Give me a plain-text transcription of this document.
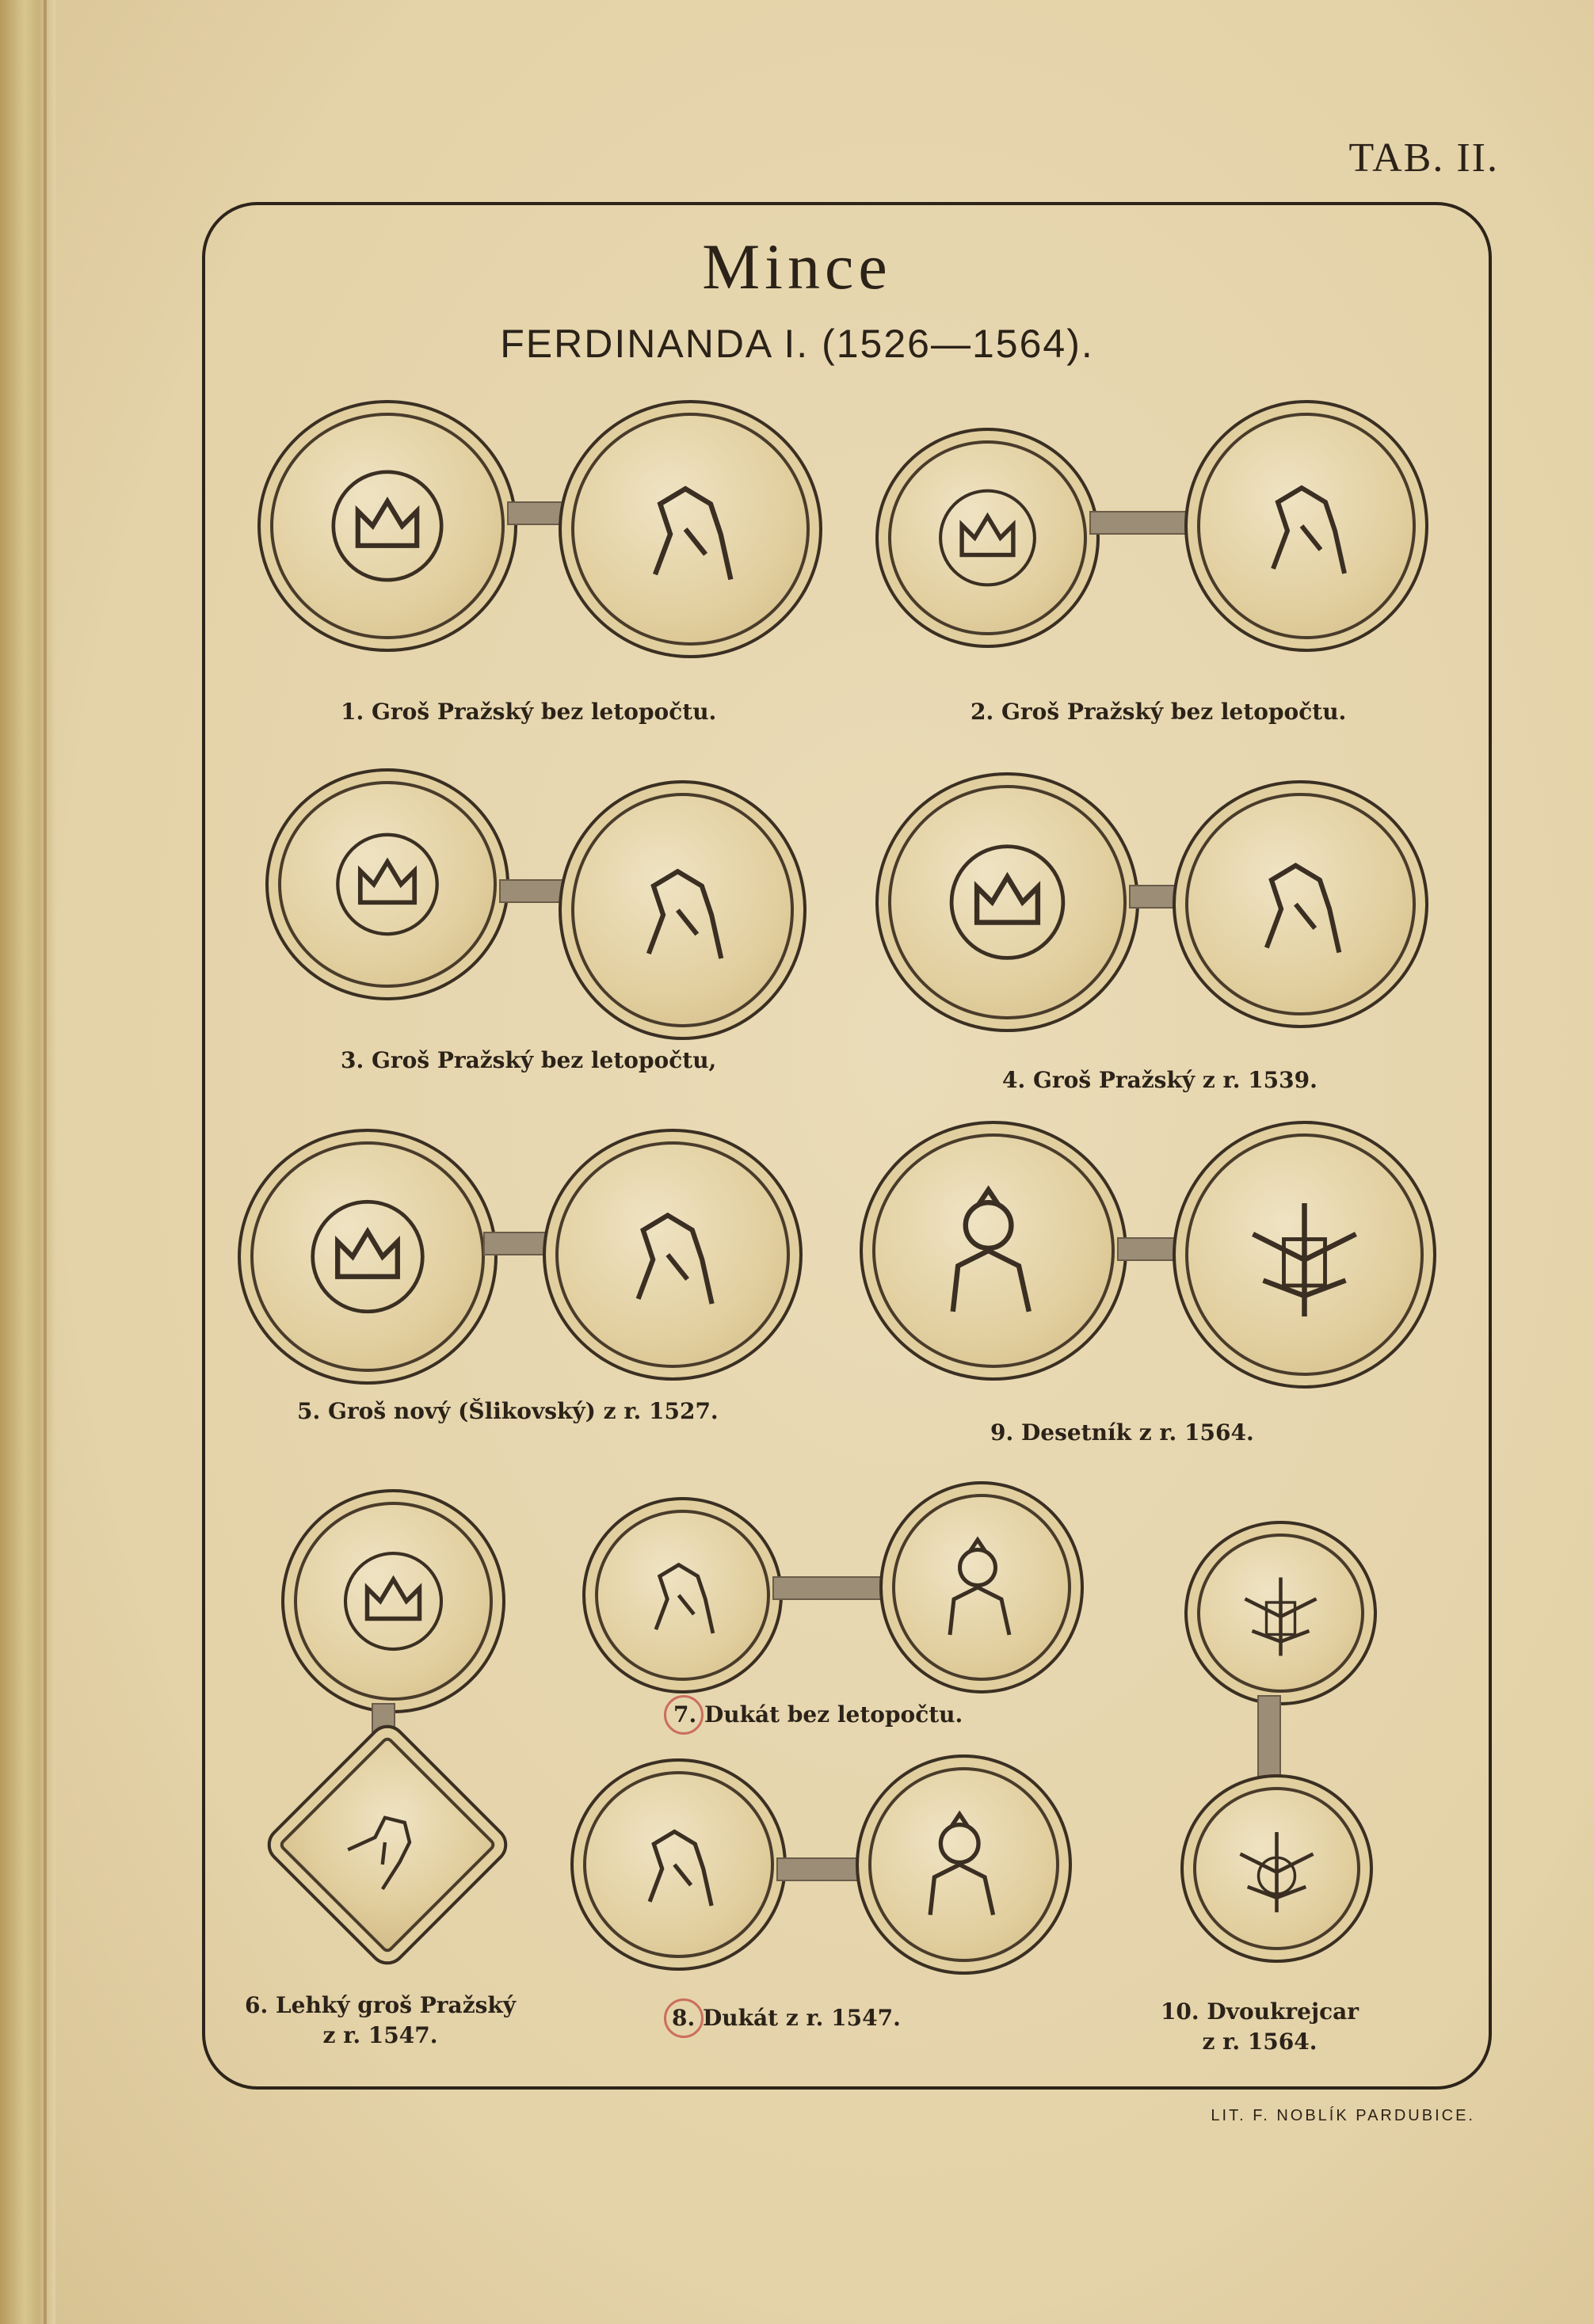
TAB. II.
Mince
FERDINANDA I. (1526—1564).
1. Groš Pražský bez letopočtu.	2. Groš Pražský bez letopočtu.
3. Groš Pražský bez letopočtu,
4. Groš Pražský z r. 1539.
5. Groš nový (Šlikovský) z r. 1527.
9. Desetník z r. 1564.
7. Dukát bez letopočtu.
8. Dukát z r. 1547.
6. Lehký groš Pražský
z r. 1547.
10. Dvoukrejcar
z r. 1564.
LIT. F. NOBLÍK PARDUBICE.
